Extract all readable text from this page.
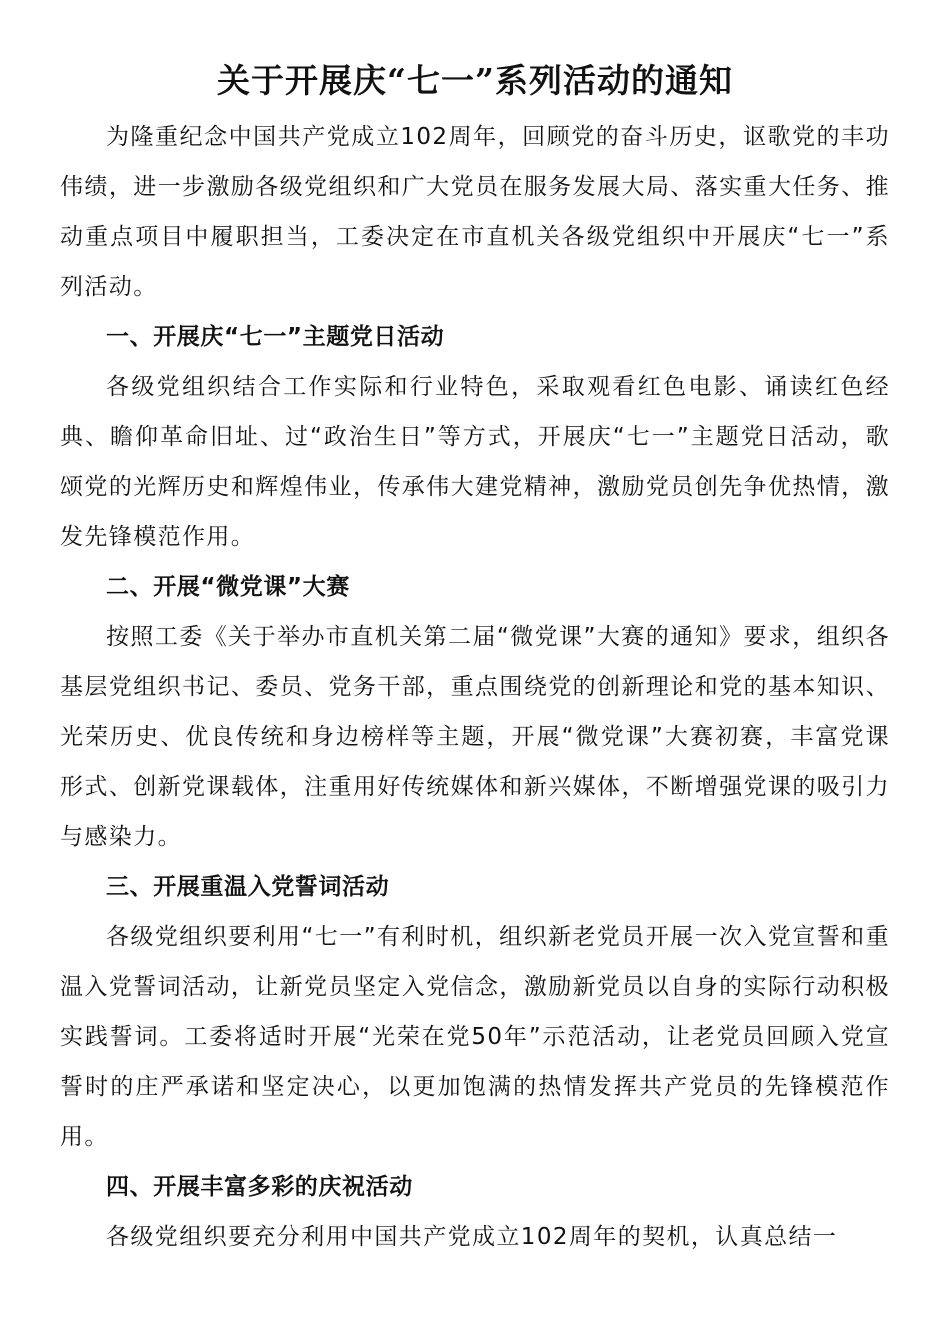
关于开展庆“七一”系列活动的通知

为隆重纪念中国共产党成立102周年，回顾党的奋斗历史，讴歌党的丰功伟绩，进一步激励各级党组织和广大党员在服务发展大局、落实重大任务、推动重点项目中履职担当，工委决定在市直机关各级党组织中开展庆“七一”系列活动。

一、开展庆“七一”主题党日活动

各级党组织结合工作实际和行业特色，采取观看红色电影、诵读红色经典、瞻仰革命旧址、过“政治生日”等方式，开展庆“七一”主题党日活动，歌颂党的光辉历史和辉煌伟业，传承伟大建党精神，激励党员创先争优热情，激发先锋模范作用。

二、开展“微党课”大赛

按照工委《关于举办市直机关第二届“微党课”大赛的通知》要求，组织各基层党组织书记、委员、党务干部，重点围绕党的创新理论和党的基本知识、光荣历史、优良传统和身边榜样等主题，开展“微党课”大赛初赛，丰富党课形式、创新党课载体，注重用好传统媒体和新兴媒体，不断增强党课的吸引力与感染力。

三、开展重温入党誓词活动

各级党组织要利用“七一”有利时机，组织新老党员开展一次入党宣誓和重温入党誓词活动，让新党员坚定入党信念，激励新党员以自身的实际行动积极实践誓词。工委将适时开展“光荣在党50年”示范活动，让老党员回顾入党宣誓时的庄严承诺和坚定决心，以更加饱满的热情发挥共产党员的先锋模范作用。

四、开展丰富多彩的庆祝活动

各级党组织要充分利用中国共产党成立102周年的契机，认真总结一
